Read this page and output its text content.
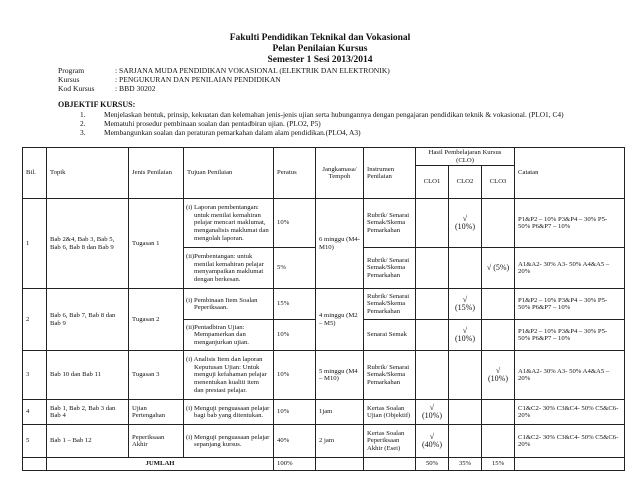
Fakulti Pendidikan Teknikal dan Vokasional
Pelan Penilaian Kursus
Semester 1 Sesi 2013/2014
Program	: SARJANA MUDA PENDIDIKAN VOKASIONAL (ELEKTRIK DAN ELEKTRONIK)
Kursus	: PENGUKURAN DAN PENILAIAN PENDIDIKAN
Kod Kursus	: BBD 30202
OBJEKTIF KURSUS:
1. Menjelaskan bentuk, prinsip, kekuatan dan kelemahan jenis-jenis ujian serta hubungannya dengan pengajaran pendidikan teknik & vokasional. (PLO1, C4)
2. Mematuhi prosedur pembinaan soalan dan pentadbiran ujian. (PLO2, P5)
3. Membangunkan soalan dan peraturan pemarkahan dalam alam pendidikan.(PLO4, A3)
Bil.	Topik	Jenis Penilaian	Tujuan Penilaian	Peratus	Jangkamasa/ Tempoh	Instrumen Penilaian	Hasil Pembelajaran Kursus (CLO)			Catatan
							CLO1	CLO2	CLO3	
1	Bab 2&4, Bab 3, Bab 5, Bab 6, Bab 8 dan Bab 9	Tugasan 1	(i) Laporan pembentangan: untuk menilai kemahiran pelajar mencari maklumat, menganalisis maklumat dan mengolah laporan.	10%	6 minggu (M4-M10)	Rubrik/ Senarai Semak/Skema Pemarkahan		√ (10%)		P1&P2 – 10% P3&P4 – 30% P5- 50% P6&P7 – 10%
			(ii)Pembentangan: untuk menilai kemahiran pelajar menyampaikan maklumat dengan berkesan.	5%		Rubrik/ Senarai Semak/Skema Pemarkahan			√ (5%)	A1&A2- 30% A3- 50% A4&A5 – 20%
2	Bab 6, Bab 7, Bab 8 dan Bab 9	Tugasan 2	(i) Pembinaan Item Soalan Peperiksaan.	15%	4 minggu (M2 – M5)	Rubrik/ Senarai Semak/Skema Pemarkahan		√ (15%)		P1&P2 – 10% P3&P4 – 30% P5- 50% P6&P7 – 10%
			(ii)Pentadbiran Ujian: Mempamerkan dan menganjurkan ujian.	10%		Senarai Semak		√ (10%)		P1&P2 – 10% P3&P4 – 30% P5- 50% P6&P7 – 10%
3	Bab 10 dan Bab 11	Tugasan 3	(i) Analisis Item dan laporan Keputusan Ujian: Untuk menguji kefahaman pelajar menentukan kualiti item dan prestasi pelajar.	10%	5 minggu (M4 – M10)	Rubrik/ Senarai Semak/Skema Pemarkahan			√ (10%)	A1&A2- 30% A3- 50% A4&A5 – 20%
4	Bab 1, Bab 2, Bab 3 dan Bab 4	Ujian Pertengahan	(i) Menguji penguasaan pelajar bagi bab yang ditentukan.	10%	1jam	Kertas Soalan Ujian (Objektif)	√ (10%)			C1&C2- 30% C3&C4- 50% C5&C6- 20%
5	Bab 1 – Bab 12	Peperiksaan Akhir	(i) Menguji penguasaan pelajar sepanjang kursus.	40%	2 jam	Kertas Soalan Peperiksaan Akhir (Esei)	√ (40%)			C1&C2- 30% C3&C4- 50% C5&C6- 20%
	JUMLAH			100%			50%	35%	15%	
